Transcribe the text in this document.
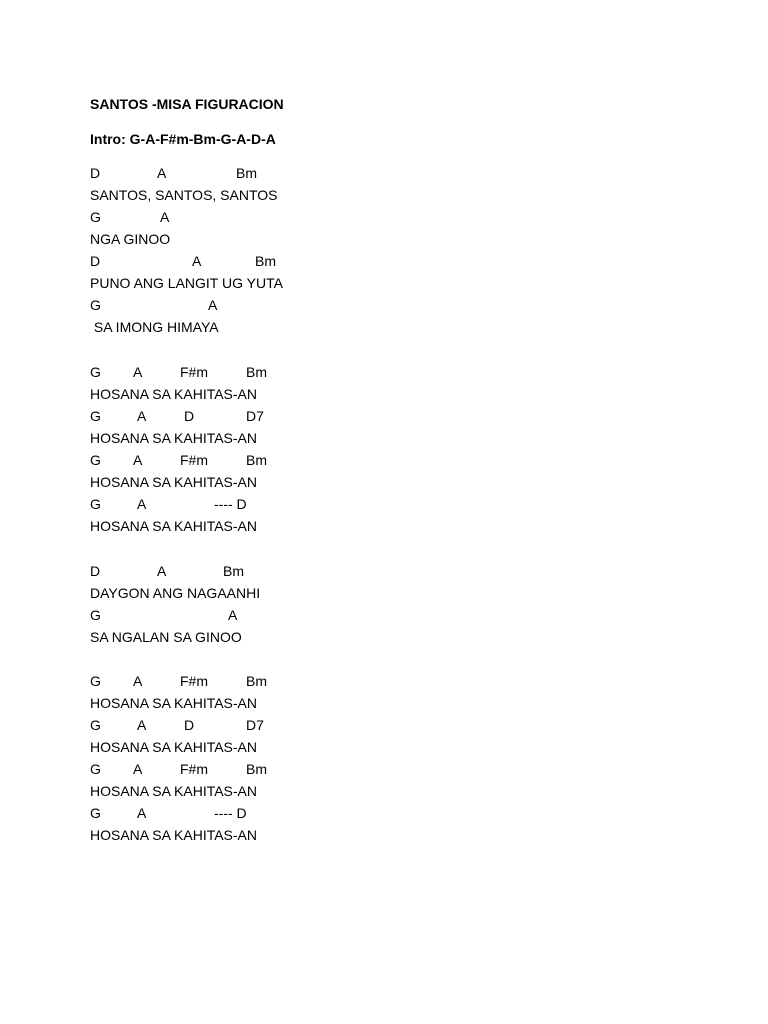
SANTOS -MISA FIGURACION

Intro: G-A-F#m-Bm-G-A-D-A

D	A	Bm

SANTOS, SANTOS, SANTOS

G	A

NGA GINOO

D	A	Bm

PUNO ANG LANGIT UG YUTA

G	A

SA IMONG HIMAYA

G A	F#m	Bm

HOSANA SA KAHITAS-AN

G	A	D	D7

HOSANA SA KAHITAS-AN

G A	F#m	Bm

HOSANA SA KAHITAS-AN

G	A	---- D

HOSANA SA KAHITAS-AN

D	A	Bm

DAYGON ANG NAGAANHI

G	A

SA NGALAN SA GINOO

G A	F#m	Bm

HOSANA SA KAHITAS-AN

G	A	D	D7

HOSANA SA KAHITAS-AN

G A	F#m	Bm

HOSANA SA KAHITAS-AN

G	A	---- D

HOSANA SA KAHITAS-AN
